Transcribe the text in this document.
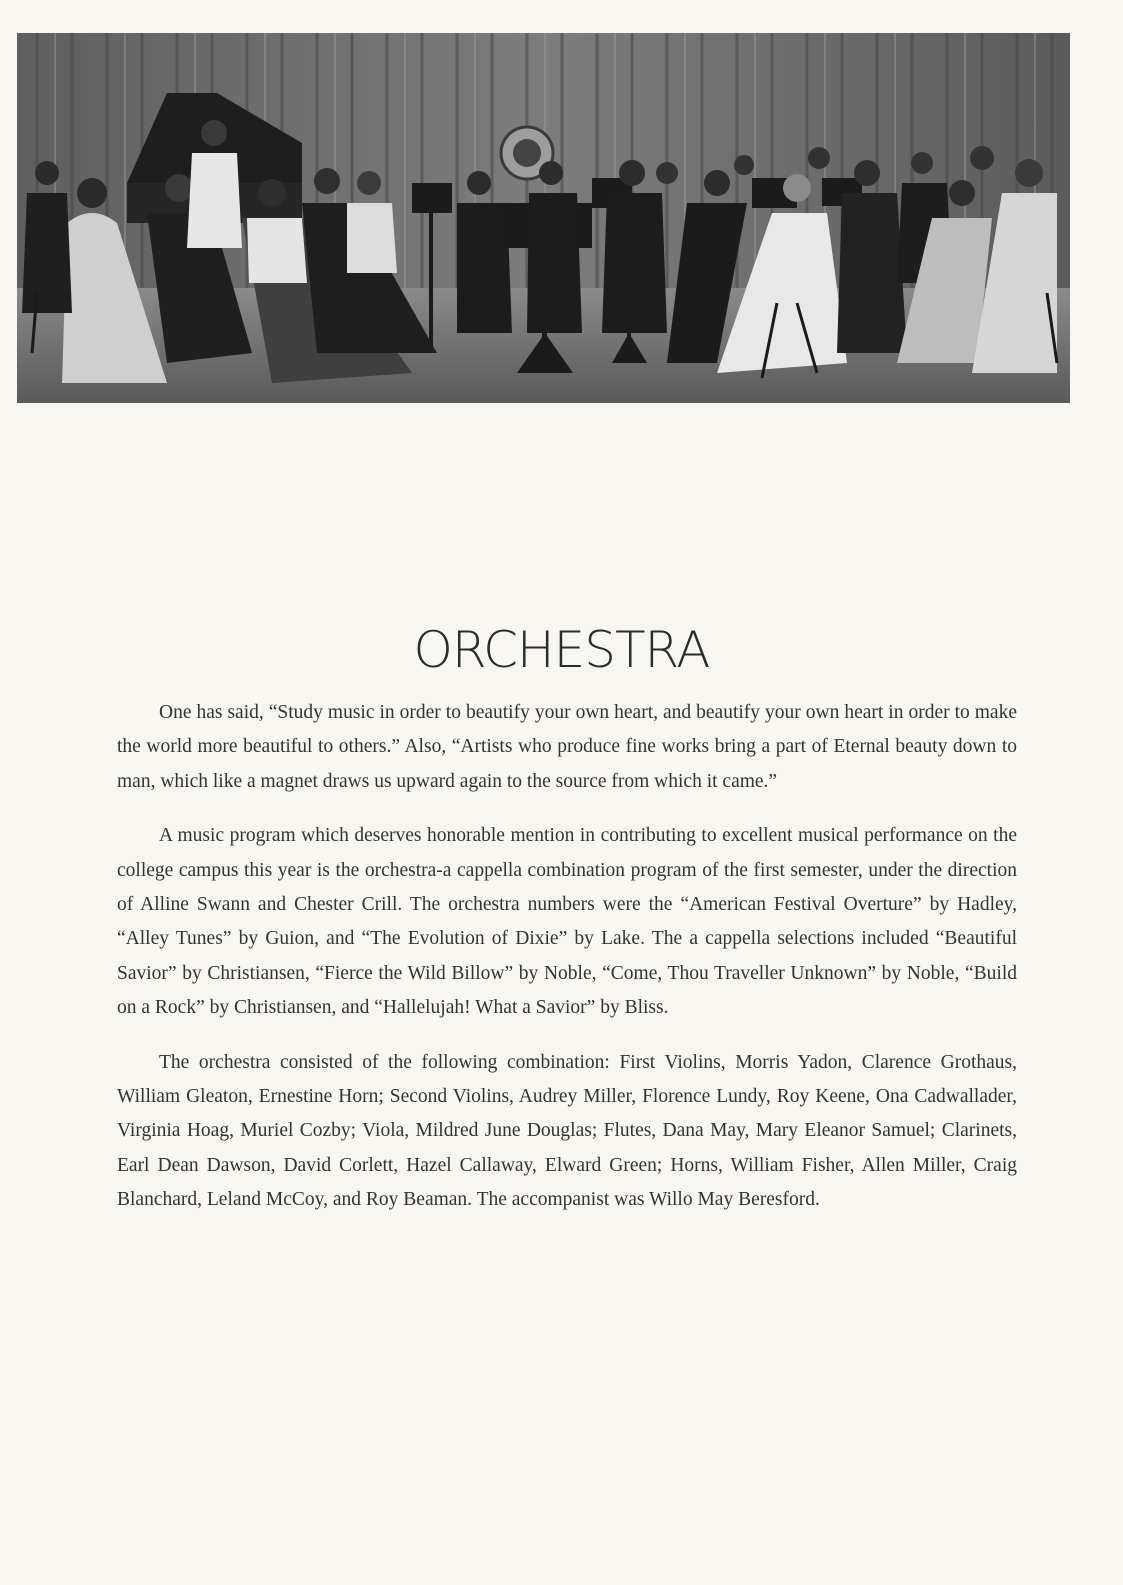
ORCHESTRA

One has said, “Study music in order to beautify your own heart, and beautify your own heart in order to make the world more beautiful to others.” Also, “Artists who produce fine works bring a part of Eternal beauty down to man, which like a magnet draws us upward again to the source from which it came.”

A music program which deserves honorable mention in contributing to excellent musical performance on the college campus this year is the orchestra-a cappella combination program of the first semester, under the direction of Alline Swann and Chester Crill. The orchestra numbers were the “American Festival Overture” by Hadley, “Alley Tunes” by Guion, and “The Evolution of Dixie” by Lake. The a cappella selections included “Beautiful Savior” by Christiansen, “Fierce the Wild Billow” by Noble, “Come, Thou Traveller Unknown” by Noble, “Build on a Rock” by Christiansen, and “Hallelujah! What a Savior” by Bliss.

The orchestra consisted of the following combination: First Violins, Morris Yadon, Clarence Grothaus, William Gleaton, Ernestine Horn; Second Violins, Audrey Miller, Florence Lundy, Roy Keene, Ona Cadwallader, Virginia Hoag, Muriel Cozby; Viola, Mildred June Douglas; Flutes, Dana May, Mary Eleanor Samuel; Clarinets, Earl Dean Dawson, David Corlett, Hazel Callaway, Elward Green; Horns, William Fisher, Allen Miller, Craig Blanchard, Leland McCoy, and Roy Beaman. The accompanist was Willo May Beresford.
